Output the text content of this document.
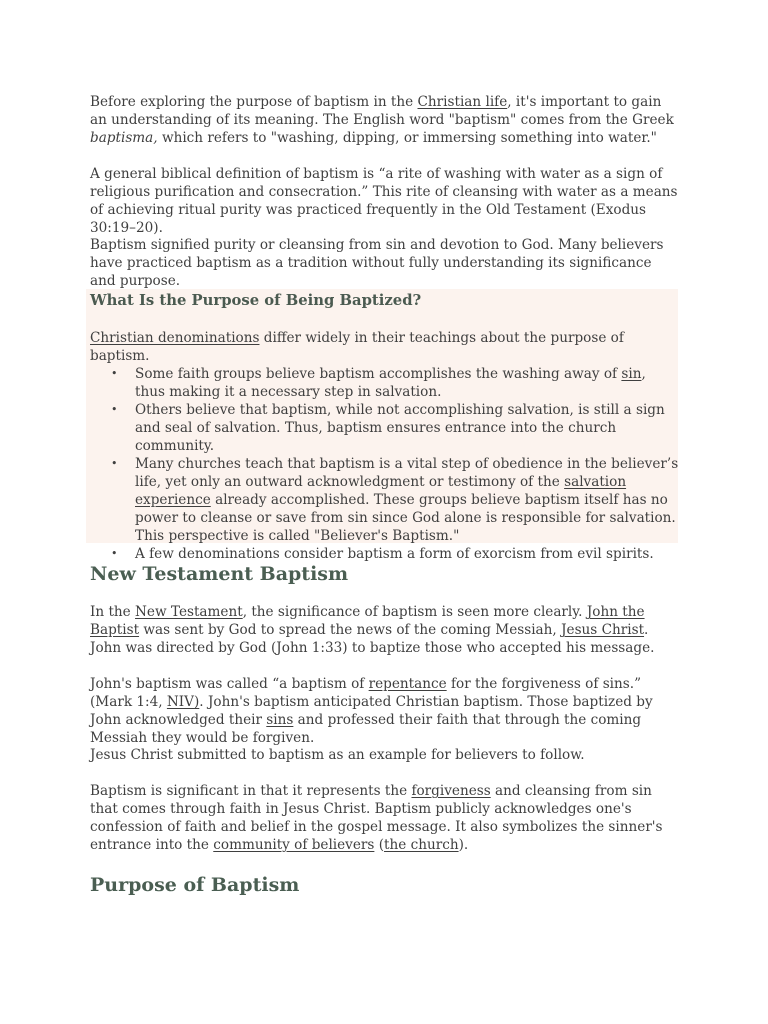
Before exploring the purpose of baptism in the Christian life, it's important to gain an understanding of its meaning. The English word "baptism" comes from the Greek baptisma, which refers to "washing, dipping, or immersing something into water."

A general biblical definition of baptism is “a rite of washing with water as a sign of religious purification and consecration.” This rite of cleansing with water as a means of achieving ritual purity was practiced frequently in the Old Testament (Exodus 30:19–20).

Baptism signified purity or cleansing from sin and devotion to God. Many believers have practiced baptism as a tradition without fully understanding its significance and purpose.

What Is the Purpose of Being Baptized?

Christian denominations differ widely in their teachings about the purpose of baptism.

• Some faith groups believe baptism accomplishes the washing away of sin, thus making it a necessary step in salvation.
• Others believe that baptism, while not accomplishing salvation, is still a sign and seal of salvation. Thus, baptism ensures entrance into the church community.
• Many churches teach that baptism is a vital step of obedience in the believer’s life, yet only an outward acknowledgment or testimony of the salvation experience already accomplished. These groups believe baptism itself has no power to cleanse or save from sin since God alone is responsible for salvation. This perspective is called "Believer's Baptism."
• A few denominations consider baptism a form of exorcism from evil spirits.
New Testament Baptism

In the New Testament, the significance of baptism is seen more clearly. John the Baptist was sent by God to spread the news of the coming Messiah, Jesus Christ. John was directed by God (John 1:33) to baptize those who accepted his message.

John's baptism was called “a baptism of repentance for the forgiveness of sins.” (Mark 1:4, NIV). John's baptism anticipated Christian baptism. Those baptized by John acknowledged their sins and professed their faith that through the coming Messiah they would be forgiven.

Jesus Christ submitted to baptism as an example for believers to follow.

Baptism is significant in that it represents the forgiveness and cleansing from sin that comes through faith in Jesus Christ. Baptism publicly acknowledges one's confession of faith and belief in the gospel message. It also symbolizes the sinner's entrance into the community of believers (the church).

Purpose of Baptism
